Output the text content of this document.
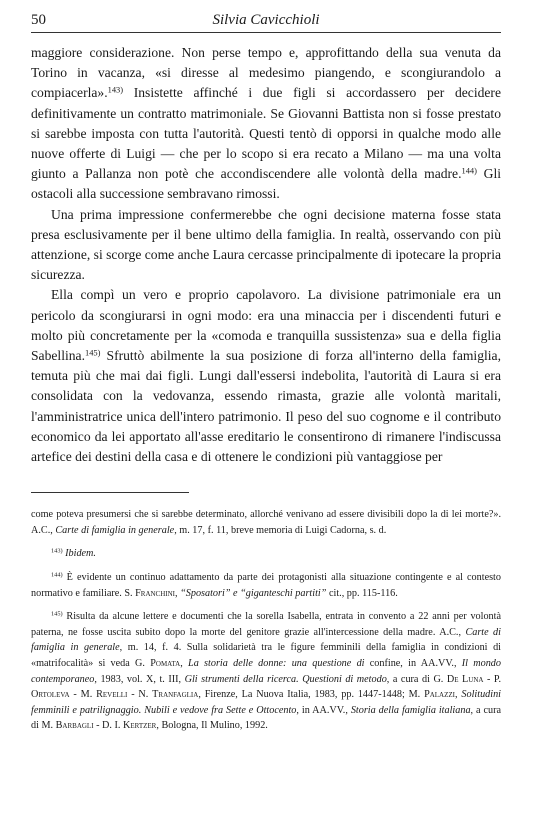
50	Silvia Cavicchioli

maggiore considerazione. Non perse tempo e, approfittando della sua venuta da Torino in vacanza, «si diresse al medesimo piangendo, e scongiurandolo a compiacerla».$^{143)}$ Insistette affinché i due figli si accordassero per decidere definitivamente un contratto matrimoniale. Se Giovanni Battista non si fosse prestato si sarebbe imposta con tutta l'autorità. Questi tentò di opporsi in qualche modo alle nuove offerte di Luigi — che per lo scopo si era recato a Milano — ma una volta giunto a Pallanza non potè che accondiscendere alle volontà della madre.$^{144)}$ Gli ostacoli alla successione sembravano rimossi.

Una prima impressione confermerebbe che ogni decisione materna fosse stata presa esclusivamente per il bene ultimo della famiglia. In realtà, osservando con più attenzione, si scorge come anche Laura cercasse principalmente di ipotecare la propria sicurezza.

Ella compì un vero e proprio capolavoro. La divisione patrimoniale era un pericolo da scongiurarsi in ogni modo: era una minaccia per i discendenti futuri e molto più concretamente per la «comoda e tranquilla sussistenza» sua e della figlia Sabellina.$^{145)}$ Sfruttò abilmente la sua posizione di forza all'interno della famiglia, temuta più che mai dai figli. Lungi dall'essersi indebolita, l'autorità di Laura si era consolidata con la vedovanza, essendo rimasta, grazie alle volontà maritali, l'amministratrice unica dell'intero patrimonio. Il peso del suo cognome e il contributo economico da lei apportato all'asse ereditario le consentirono di rimanere l'indiscussa artefice dei destini della casa e di ottenere le condizioni più vantaggiose per

come poteva presumersi che si sarebbe determinato, allorché venivano ad essere divisibili dopo la di lei morte?». A.C., Carte di famiglia in generale, m. 17, f. 11, breve memoria di Luigi Cadorna, s. d.

$^{143)}$ Ibidem.

$^{144)}$ È evidente un continuo adattamento da parte dei protagonisti alla situazione contingente e al contesto normativo e familiare. S. Franchini, “Sposatori” e “giganteschi partiti” cit., pp. 115-116.

$^{145)}$ Risulta da alcune lettere e documenti che la sorella Isabella, entrata in convento a 22 anni per volontà paterna, ne fosse uscita subito dopo la morte del genitore grazie all'intercessione della madre. A.C., Carte di famiglia in generale, m. 14, f. 4. Sulla solidarietà tra le figure femminili della famiglia in condizioni di «matrifocalità» si veda G. Pomata, La storia delle donne: una questione di confine, in AA.VV., Il mondo contemporaneo, 1983, vol. X, t. III, Gli strumenti della ricerca. Questioni di metodo, a cura di G. De Luna - P. Ortoleva - M. Revelli - N. Tranfaglia, Firenze, La Nuova Italia, 1983, pp. 1447-1448; M. Palazzi, Solitudini femminili e patrilignaggio. Nubili e vedove fra Sette e Ottocento, in AA.VV., Storia della famiglia italiana, a cura di M. Barbagli - D. I. Kertzer, Bologna, Il Mulino, 1992.
